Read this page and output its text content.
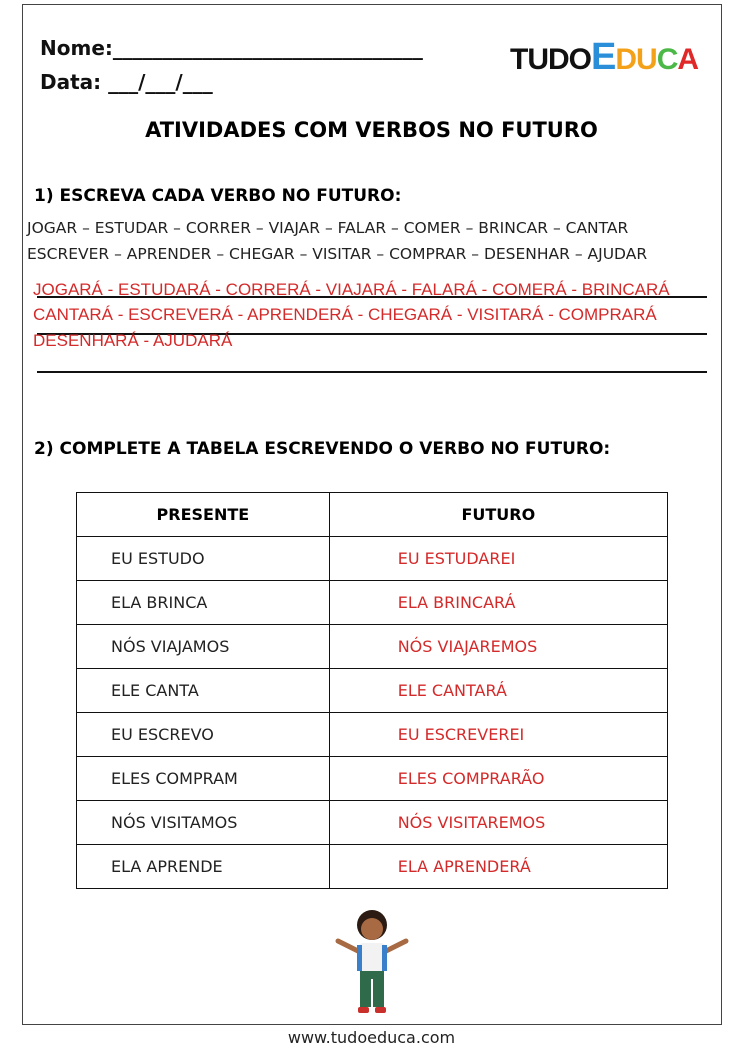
Nome:_______________________________
Data: ___/___/___
TUDOEDUCA
ATIVIDADES COM VERBOS NO FUTURO
1) ESCREVA CADA VERBO NO FUTURO:
JOGAR – ESTUDAR – CORRER – VIAJAR – FALAR – COMER – BRINCAR – CANTAR
ESCREVER – APRENDER – CHEGAR – VISITAR – COMPRAR – DESENHAR – AJUDAR
JOGARÁ - ESTUDARÁ - CORRERÁ - VIAJARÁ - FALARÁ - COMERÁ - BRINCARÁ
CANTARÁ - ESCREVERÁ - APRENDERÁ - CHEGARÁ - VISITARÁ - COMPRARÁ
DESENHARÁ - AJUDARÁ
2) COMPLETE A TABELA ESCREVENDO O VERBO NO FUTURO:
PRESENTE	FUTURO
EU ESTUDO	EU ESTUDAREI
ELA BRINCA	ELA BRINCARÁ
NÓS VIAJAMOS	NÓS VIAJAREMOS
ELE CANTA	ELE CANTARÁ
EU ESCREVO	EU ESCREVEREI
ELES COMPRAM	ELES COMPRARÃO
NÓS VISITAMOS	NÓS VISITAREMOS
ELA APRENDE	ELA APRENDERÁ
www.tudoeduca.com
